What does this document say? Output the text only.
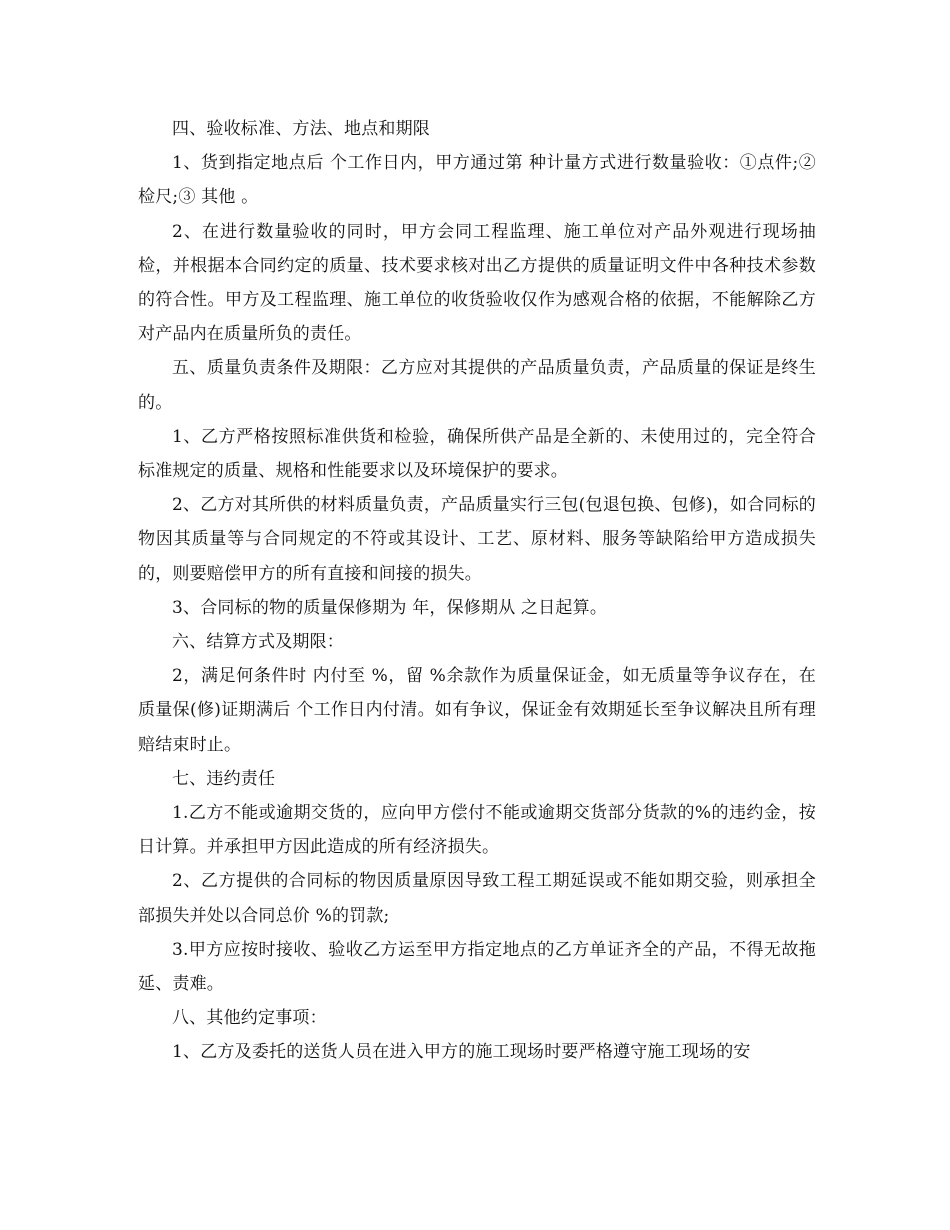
四、验收标准、方法、地点和期限

1、货到指定地点后 个工作日内，甲方通过第 种计量方式进行数量验收：①点件;② 检尺;③ 其他 。

2、在进行数量验收的同时，甲方会同工程监理、施工单位对产品外观进行现场抽检，并根据本合同约定的质量、技术要求核对出乙方提供的质量证明文件中各种技术参数的符合性。甲方及工程监理、施工单位的收货验收仅作为感观合格的依据，不能解除乙方对产品内在质量所负的责任。

五、质量负责条件及期限：乙方应对其提供的产品质量负责，产品质量的保证是终生的。

1、乙方严格按照标准供货和检验，确保所供产品是全新的、未使用过的，完全符合标准规定的质量、规格和性能要求以及环境保护的要求。

2、乙方对其所供的材料质量负责，产品质量实行三包(包退包换、包修)，如合同标的物因其质量等与合同规定的不符或其设计、工艺、原材料、服务等缺陷给甲方造成损失的，则要赔偿甲方的所有直接和间接的损失。

3、合同标的物的质量保修期为 年，保修期从 之日起算。

六、结算方式及期限：

2，满足何条件时 内付至 %，留 %余款作为质量保证金，如无质量等争议存在，在质量保(修)证期满后 个工作日内付清。如有争议，保证金有效期延长至争议解决且所有理赔结束时止。

七、违约责任

1.乙方不能或逾期交货的，应向甲方偿付不能或逾期交货部分货款的%的违约金，按日计算。并承担甲方因此造成的所有经济损失。

2、乙方提供的合同标的物因质量原因导致工程工期延误或不能如期交验，则承担全部损失并处以合同总价 %的罚款;

3.甲方应按时接收、验收乙方运至甲方指定地点的乙方单证齐全的产品，不得无故拖延、责难。

八、其他约定事项：

1、乙方及委托的送货人员在进入甲方的施工现场时要严格遵守施工现场的安
